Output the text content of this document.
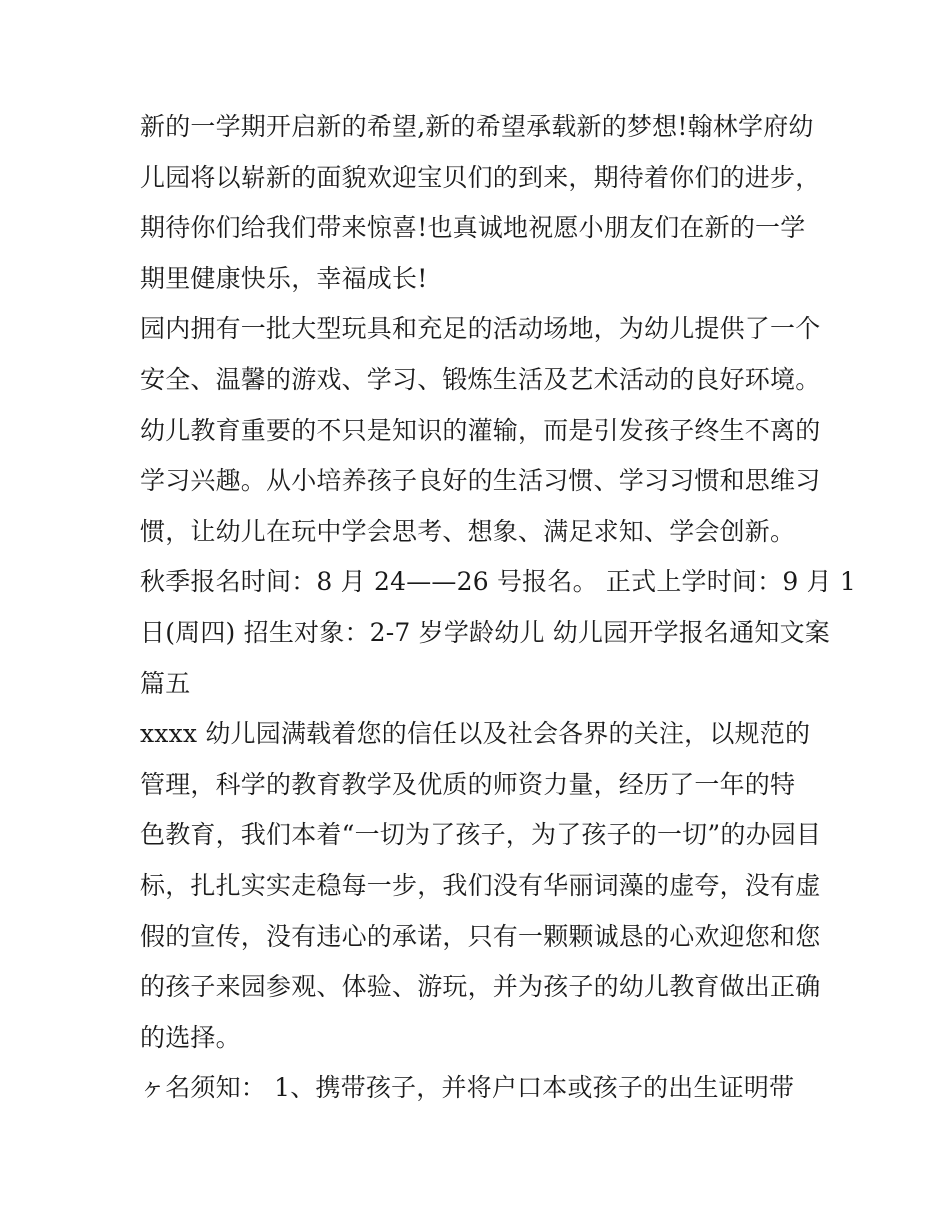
新的一学期开启新的希望,新的希望承载新的梦想!翰林学府幼
儿园将以崭新的面貌欢迎宝贝们的到来，期待着你们的进步，
期待你们给我们带来惊喜!也真诚地祝愿小朋友们在新的一学
期里健康快乐，幸福成长!
园内拥有一批大型玩具和充足的活动场地，为幼儿提供了一个
安全、温馨的游戏、学习、锻炼生活及艺术活动的良好环境。
幼儿教育重要的不只是知识的灌输，而是引发孩子终生不离的
学习兴趣。从小培养孩子良好的生活习惯、学习习惯和思维习
惯，让幼儿在玩中学会思考、想象、满足求知、学会创新。
秋季报名时间：8 月 24——26 号报名。 正式上学时间：9 月 1
日(周四) 招生对象：2-7 岁学龄幼儿 幼儿园开学报名通知文案
篇五
xxxx 幼儿园满载着您的信任以及社会各界的关注，以规范的
管理，科学的教育教学及优质的师资力量，经历了一年的特
色教育，我们本着“一切为了孩子，为了孩子的一切”的办园目
标，扎扎实实走稳每一步，我们没有华丽词藻的虚夸，没有虚
假的宣传，没有违心的承诺，只有一颗颗诚恳的心欢迎您和您
的孩子来园参观、体验、游玩，并为孩子的幼儿教育做出正确
的选择。
ヶ名须知： 1、携带孩子，并将户口本或孩子的出生证明带
